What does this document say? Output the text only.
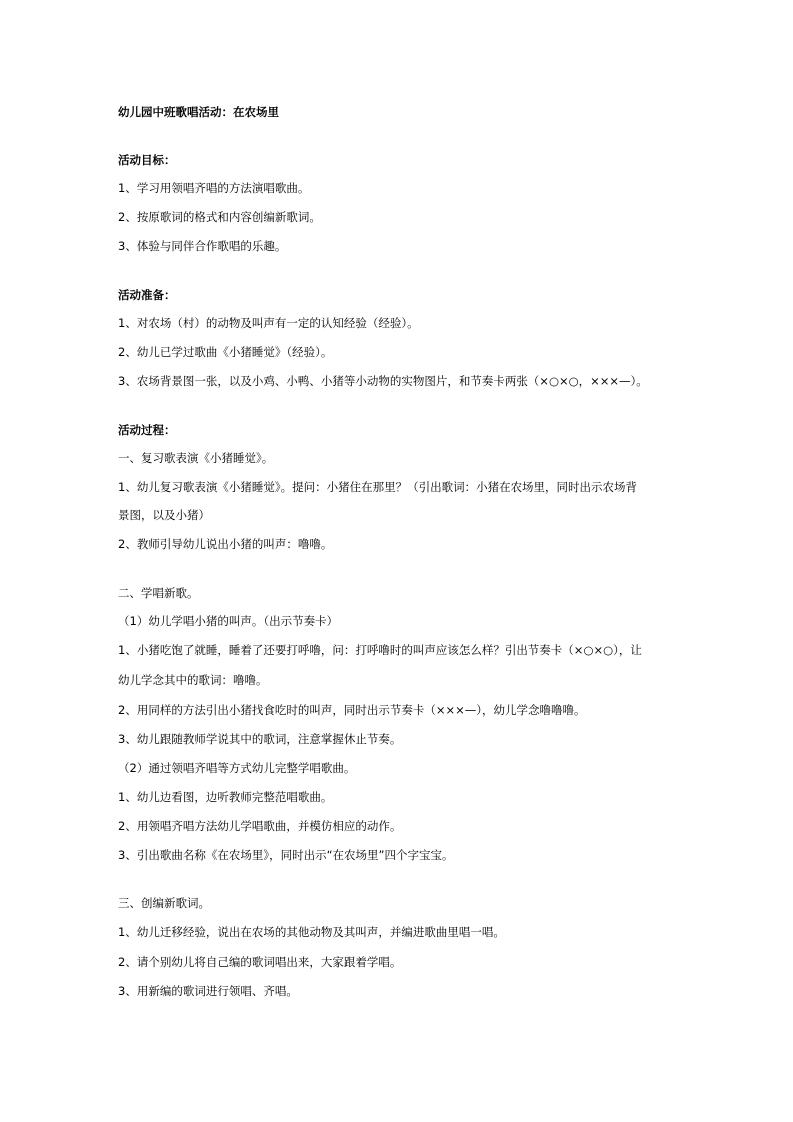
幼儿园中班歌唱活动：在农场里
活动目标：
1、学习用领唱齐唱的方法演唱歌曲。
2、按原歌词的格式和内容创编新歌词。
3、体验与同伴合作歌唱的乐趣。
活动准备：
1、对农场（村）的动物及叫声有一定的认知经验（经验）。
2、幼儿已学过歌曲《小猪睡觉》（经验）。
3、农场背景图一张，以及小鸡、小鸭、小猪等小动物的实物图片，和节奏卡两张（×○×○，×××—）。
活动过程：
一、复习歌表演《小猪睡觉》。
1、幼儿复习歌表演《小猪睡觉》。提问：小猪住在那里？（引出歌词：小猪在农场里，同时出示农场背
景图，以及小猪）
2、教师引导幼儿说出小猪的叫声：噜噜。
二、学唱新歌。
（1）幼儿学唱小猪的叫声。（出示节奏卡）
1、小猪吃饱了就睡，睡着了还要打呼噜，问：打呼噜时的叫声应该怎么样？引出节奏卡（×○×○），让
幼儿学念其中的歌词：噜噜。
2、用同样的方法引出小猪找食吃时的叫声，同时出示节奏卡（×××—），幼儿学念噜噜噜。
3、幼儿跟随教师学说其中的歌词，注意掌握休止节奏。
（2）通过领唱齐唱等方式幼儿完整学唱歌曲。
1、幼儿边看图，边听教师完整范唱歌曲。
2、用领唱齐唱方法幼儿学唱歌曲，并模仿相应的动作。
3、引出歌曲名称《在农场里》，同时出示“在农场里”四个字宝宝。
三、创编新歌词。
1、幼儿迁移经验，说出在农场的其他动物及其叫声，并编进歌曲里唱一唱。
2、请个别幼儿将自己编的歌词唱出来，大家跟着学唱。
3、用新编的歌词进行领唱、齐唱。
